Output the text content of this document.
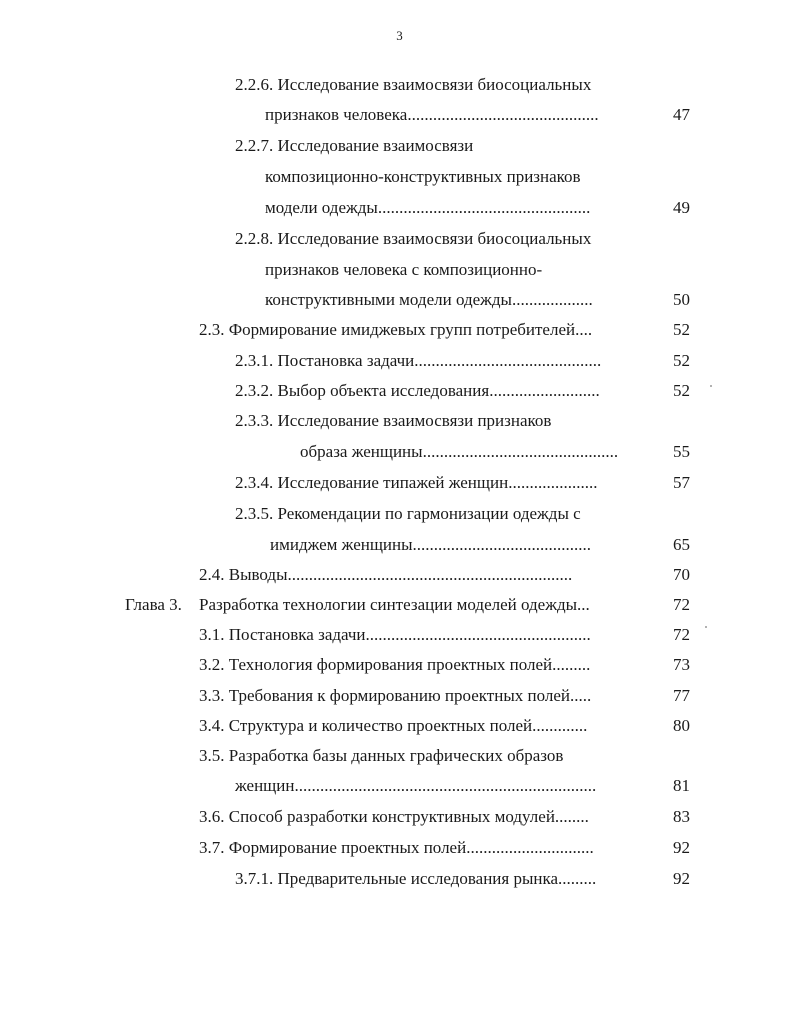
3
2.2.6. Исследование взаимосвязи биосоциальных
признаков человека.............................................	47
2.2.7. Исследование взаимосвязи
композиционно-конструктивных признаков
модели одежды..................................................	49
2.2.8. Исследование взаимосвязи биосоциальных
признаков человека с композиционно-
конструктивными модели одежды...................	50
2.3. Формирование имиджевых групп потребителей....	52
2.3.1. Постановка задачи............................................	52
2.3.2. Выбор объекта исследования..........................	52
2.3.3. Исследование взаимосвязи признаков
образа женщины..............................................	55
2.3.4. Исследование типажей женщин.....................	57
2.3.5. Рекомендации по гармонизации одежды с
имиджем женщины..........................................	65
2.4. Выводы...................................................................	70
Глава 3. Разработка технологии синтезации моделей одежды...	72
3.1. Постановка задачи.....................................................	72
3.2. Технология формирования проектных полей.........	73
3.3. Требования к формированию проектных полей.....	77
3.4. Структура и количество проектных полей.............	80
3.5. Разработка базы данных графических образов
женщин.......................................................................	81
3.6. Способ разработки конструктивных модулей........	83
3.7. Формирование проектных полей..............................	92
3.7.1. Предварительные исследования рынка.........	92
